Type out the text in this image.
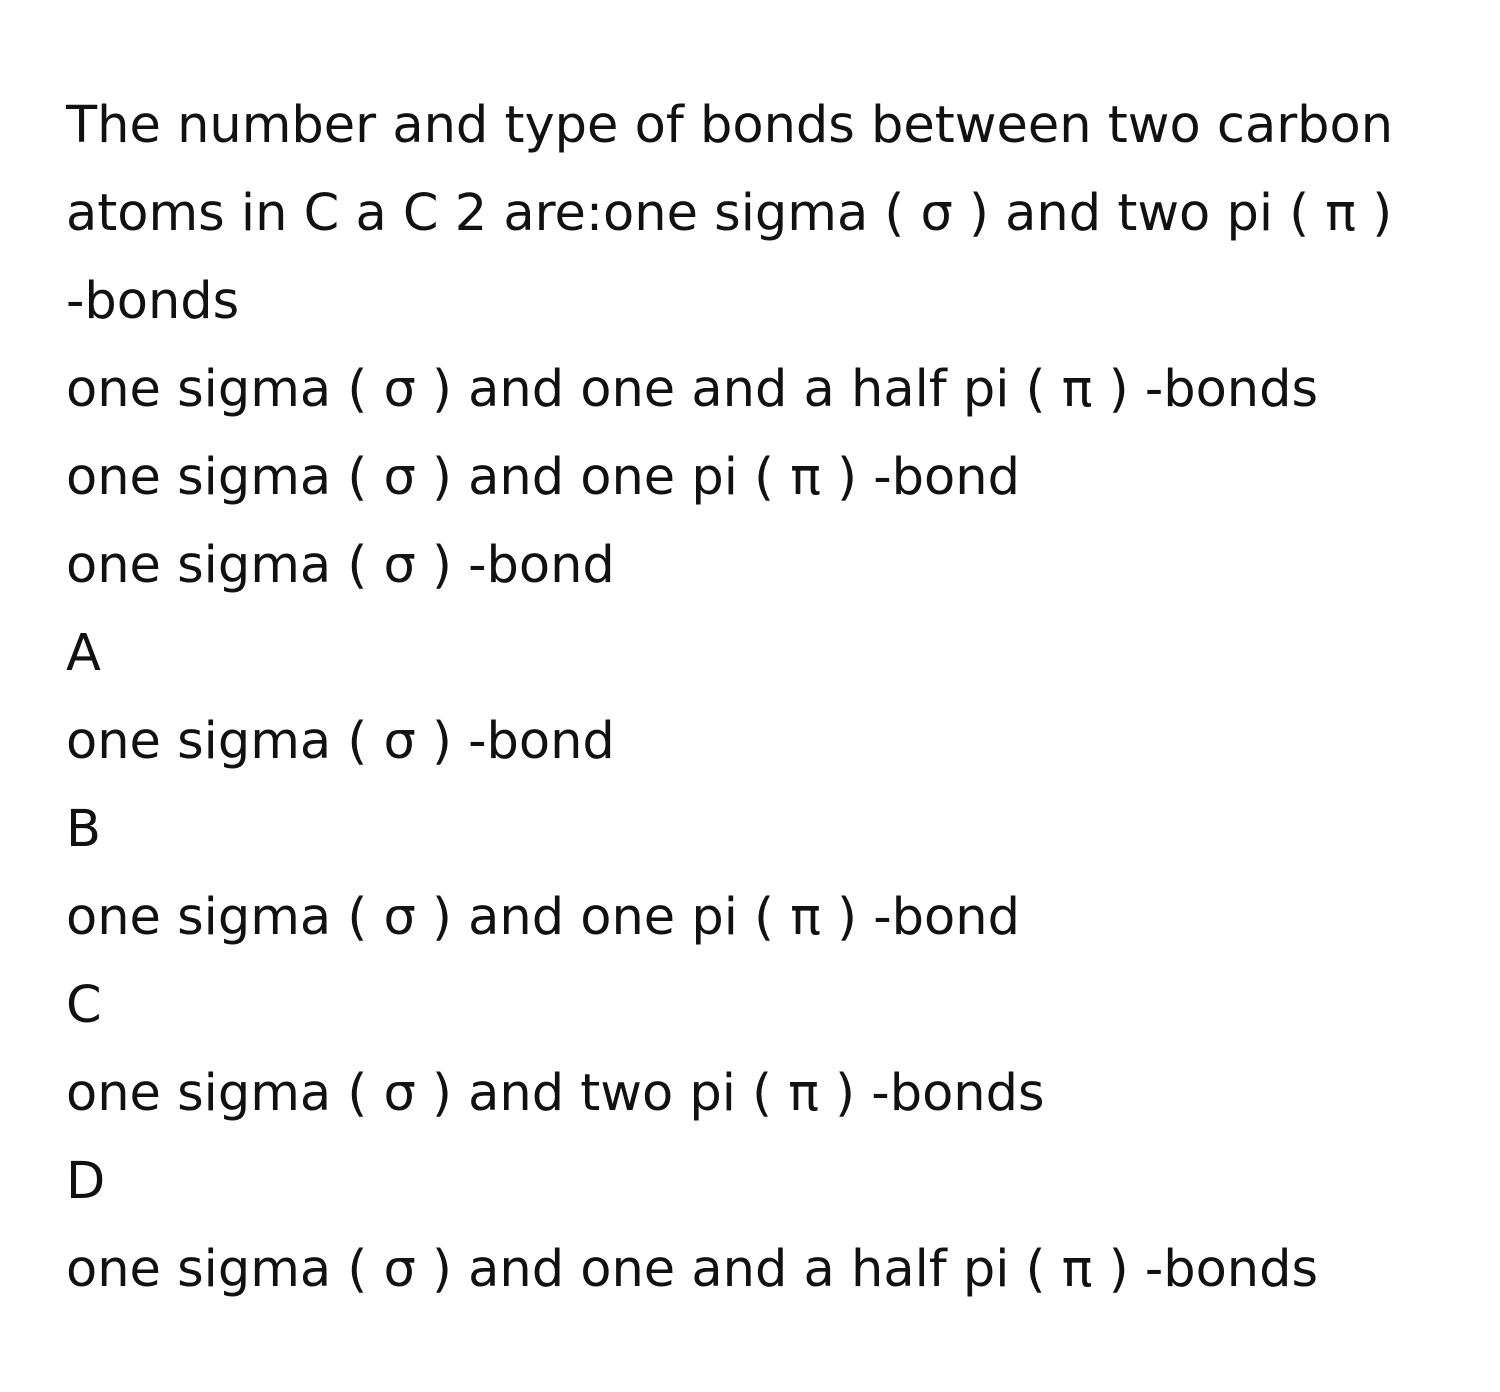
The number and type of bonds between two carbon
atoms in C a C 2 are:one sigma ( σ ) and two pi ( π )
-bonds
one sigma ( σ ) and one and a half pi ( π ) -bonds
one sigma ( σ ) and one pi ( π ) -bond
one sigma ( σ ) -bond
A
one sigma ( σ ) -bond
B
one sigma ( σ ) and one pi ( π ) -bond
C
one sigma ( σ ) and two pi ( π ) -bonds
D
one sigma ( σ ) and one and a half pi ( π ) -bonds
